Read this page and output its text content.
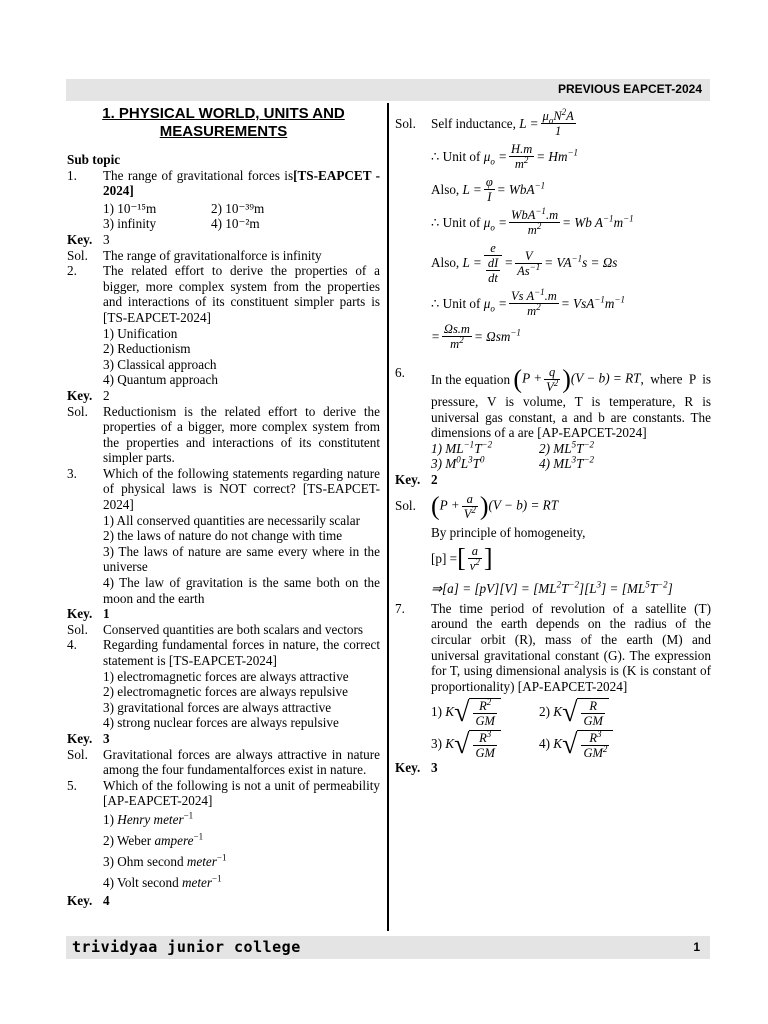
PREVIOUS EAPCET-2024
1. PHYSICAL WORLD, UNITS AND MEASUREMENTS
Sub topic
1.	The range of gravitational forces is[TS-EAPCET - 2024]
1) 10⁻¹⁵m	2) 10⁻³⁹m
3) infinity	4) 10⁻²m
Key. 3
Sol.	The range of gravitationalforce is infinity
2.	The related effort to derive the properties of a bigger, more complex system from the properties and interactions of its constituent simpler parts is [TS-EAPCET-2024]
1) Unification
2) Reductionism
3) Classical approach
4) Quantum approach
Key. 2
Sol.	Reductionism is the related effort to derive the properties of a bigger, more complex system from the properties and interactions of its constitutent simpler parts.
3.	Which of the following statements regarding nature of physical laws is NOT correct? [TS-EAPCET-2024]
1) All conserved quantities are necessarily scalar
2) the laws of nature do not change with time
3) The laws of nature are same every where in the universe
4) The law of gravitation is the same both on the moon and the earth
Key. 1
Sol.	Conserved quantities are both scalars and vectors
4.	Regarding fundamental forces in nature, the correct statement is [TS-EAPCET-2024]
1) electromagnetic forces are always attractive
2) electromagnetic forces are always repulsive
3) gravitational forces are always attractive
4) strong nuclear forces are always repulsive
Key. 3
Sol.	Gravitational forces are always attractive in nature among the four fundamentalforces exist in nature.
5.	Which of the following is not a unit of permeability [AP-EAPCET-2024]
1) Henry meter$^{-1}$
2) Weber ampere$^{-1}$
3) Ohm second meter$^{-1}$
4) Volt second meter$^{-1}$
Key. 4
Sol.	Self inductance,
$L = \frac{\mu_oN^2A}{1}$
∴ Unit of
$\mu_o = \frac{H.m}{m^2} = Hm^{-1}$
Also,
$L = \frac{\varphi}{I} = WbA^{-1}$
∴ Unit of
$\mu_o = \frac{WbA^{-1}.m}{m^2} = Wb$ $A^{-1}m^{-1}$
Also,
$L = \frac{e}{\frac{dI}{dt}} = \frac{V}{As^{-1}} = VA^{-1}s = \Omega s$
∴ Unit of
$\mu_o = \frac{Vs A^{-1}.m}{m^2} = VsA^{-1}m^{-1}$
= $\frac{\Omega s.m}{m^2} = \Omega sm^{-1}$
6.	In the equation
$(P + \frac{q}{V^2} )(V - b)$ = RT , where P is pressure, V is volume, T is temperature, R is universal gas constant, a and b are constants. The dimensions of a are [AP-EAPCET-2024]
1) $ML^{-1}T^{-2}$	2) $ML^5T^{-2}$
3) $M^0L^3T^0$	4) $ML^3T^{-2}$
Key. 2
Sol. $(P + \frac{a}{V^2} )(V - b)$ = RT
By principle of homogeneity,
[p] = [ $\frac{a}{v^2}$ ]
⇒[a] = $[pV][V] = [ML^2T^{-2}][L^3] = [ML^5T^{-2}]$
7.	The time period of revolution of a satellite (T) around the earth depends on the radius of the circular orbit (R), mass of the earth (M) and universal gravitational constant (G). The expression for T, using dimensional analysis is (K is constant of proportionality) [AP-EAPCET-2024]
1) K √ $\frac{R^2}{GM}$	2) K √ $\frac{R}{GM}$
3) K √ $\frac{R^3}{GM}$	4) K √ $\frac{R^3}{GM^2}$
Key. 3
trividyaa junior college	1
